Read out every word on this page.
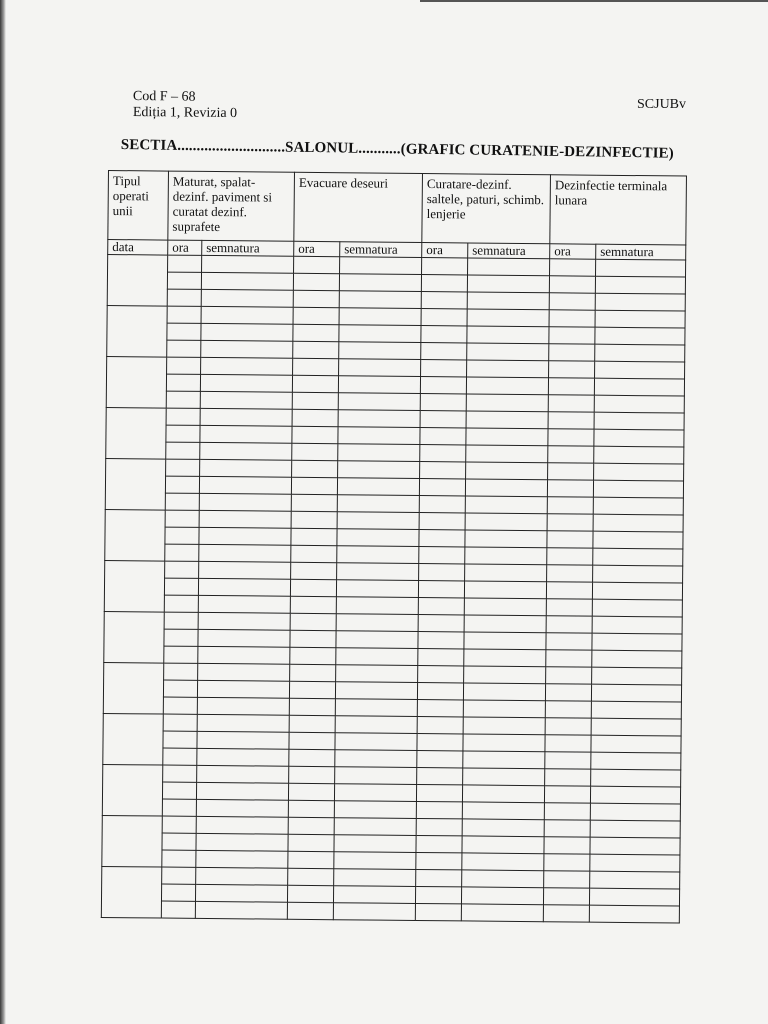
Cod F – 68
Ediția 1, Revizia 0
SCJUBv
SECTIA............................SALONUL...........(GRAFIC CURATENIE-DEZINFECTIE)
Tipul operati unii	Maturat, spalat-dezinf. paviment si curatat dezinf. suprafete		Evacuare deseuri		Curatare-dezinf. saltele, paturi, schimb. lenjerie		Dezinfectie terminala lunara	
data	ora	semnatura	ora	semnatura	ora	semnatura	ora	semnatura
